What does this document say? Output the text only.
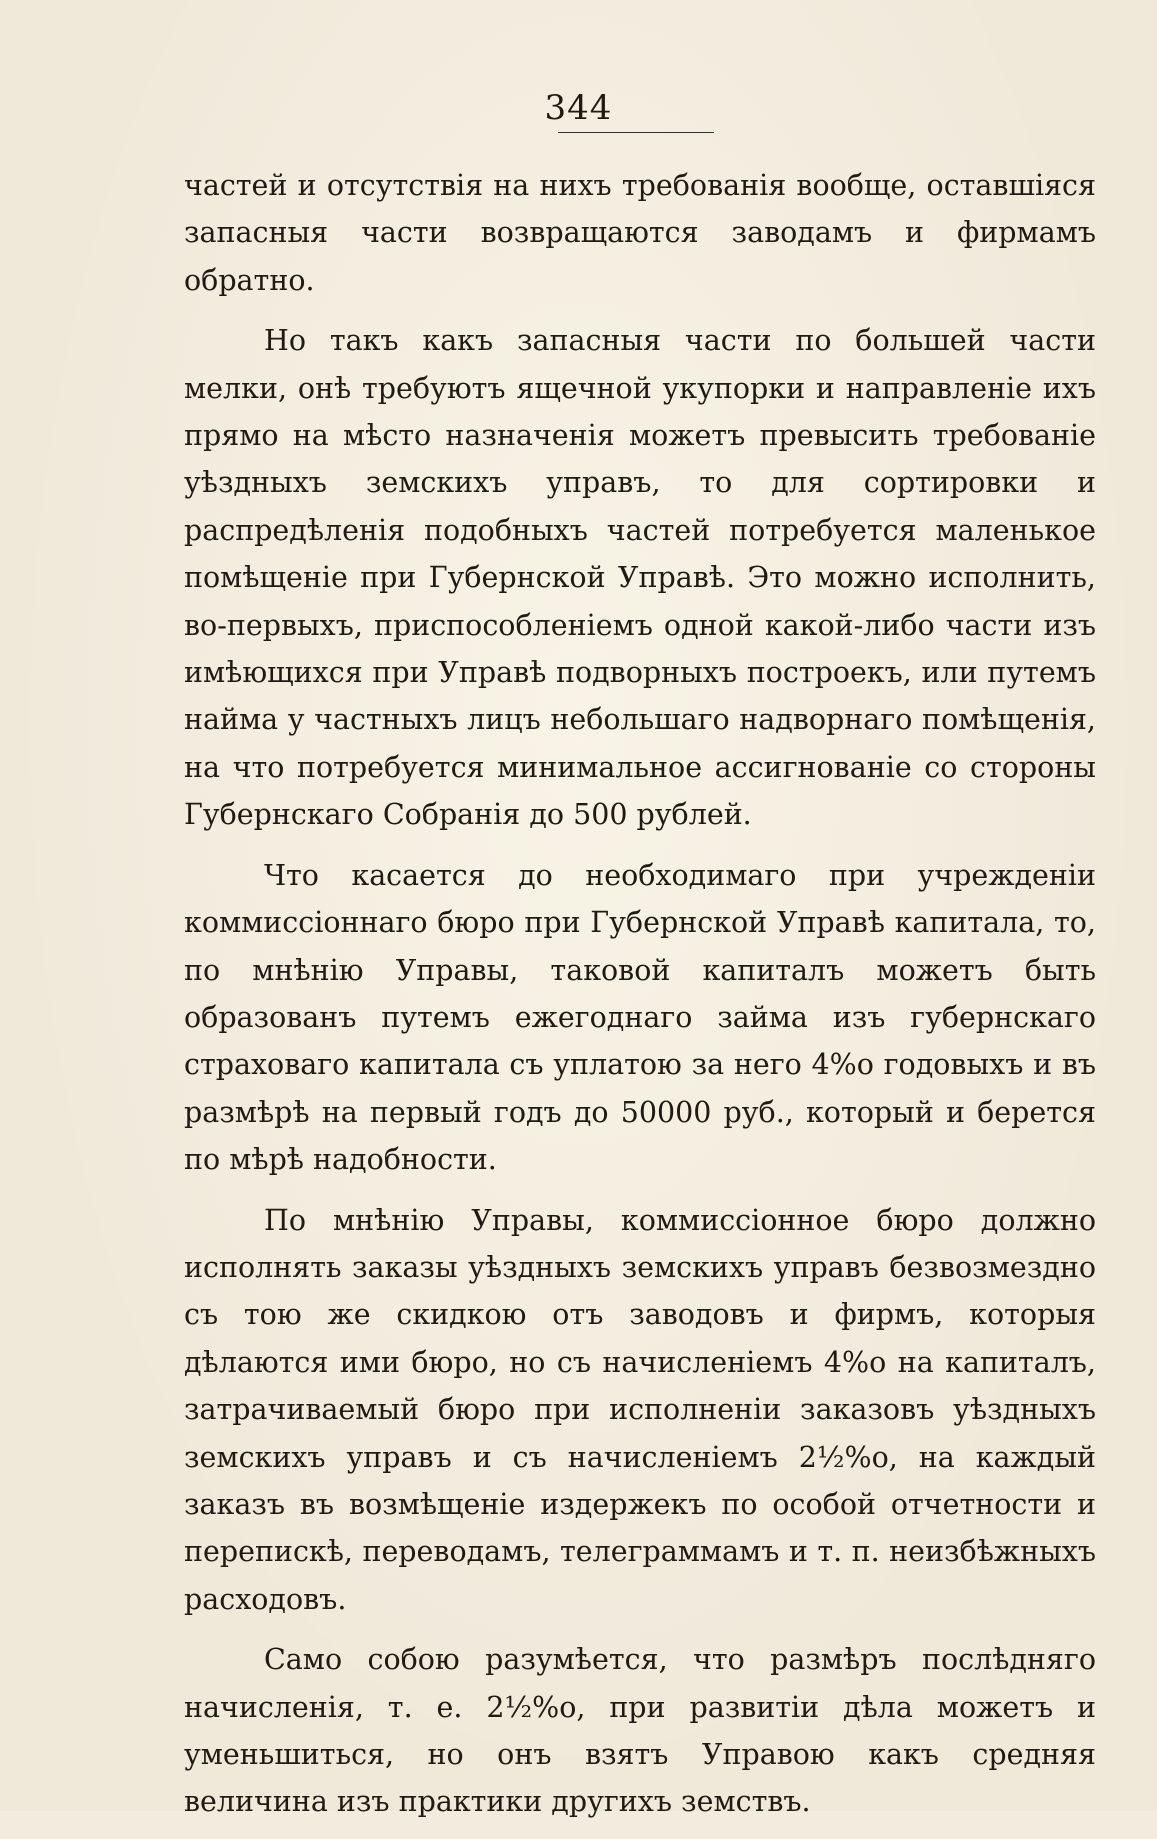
344

частей и отсутствія на нихъ требованія вообще, оставшіяся запасныя части возвращаются заводамъ и фирмамъ обратно.

Но такъ какъ запасныя части по большей части мелки, онѣ требуютъ ящечной укупорки и направленіе ихъ прямо на мѣсто назначенія можетъ превысить требованіе уѣздныхъ земскихъ управъ, то для сортировки и распредѣленія подобныхъ частей потребуется маленькое помѣщеніе при Губернской Управѣ. Это можно исполнить, во-первыхъ, приспособленіемъ одной какой-либо части изъ имѣющихся при Управѣ подворныхъ построекъ, или путемъ найма у частныхъ лицъ небольшаго надворнаго помѣщенія, на что потребуется минимальное ассигнованіе со стороны Губернскаго Собранія до 500 рублей.

Что касается до необходимаго при учрежденіи коммиссіоннаго бюро при Губернской Управѣ капитала, то, по мнѣнію Управы, таковой капиталъ можетъ быть образованъ путемъ ежегоднаго займа изъ губернскаго страховаго капитала съ уплатою за него 4%о годовыхъ и въ размѣрѣ на первый годъ до 50000 руб., который и берется по мѣрѣ надобности.

По мнѣнію Управы, коммиссіонное бюро должно исполнять заказы уѣздныхъ земскихъ управъ безвозмездно съ тою же скидкою отъ заводовъ и фирмъ, которыя дѣлаются ими бюро, но съ начисленіемъ 4%о на капиталъ, затрачиваемый бюро при исполненіи заказовъ уѣздныхъ земскихъ управъ и съ начисленіемъ 2½%о, на каждый заказъ въ возмѣщеніе издержекъ по особой отчетности и перепискѣ, переводамъ, телеграммамъ и т. п. неизбѣжныхъ расходовъ.

Само собою разумѣется, что размѣръ послѣдняго начисленія, т. е. 2½%о, при развитіи дѣла можетъ и уменьшиться, но онъ взятъ Управою какъ средняя величина изъ практики другихъ земствъ.
